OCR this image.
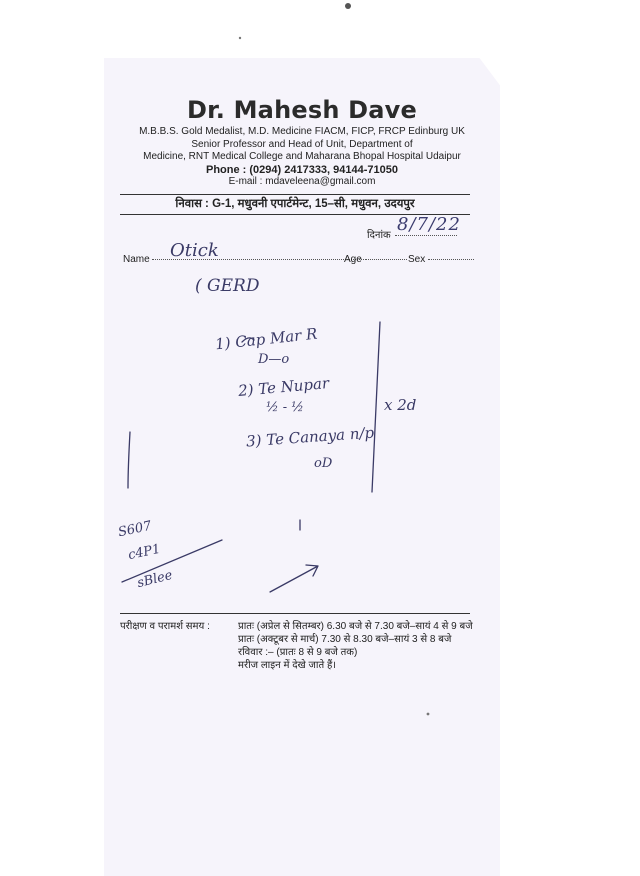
Dr. Mahesh Dave
M.B.B.S. Gold Medalist, M.D. Medicine FIACM, FICP, FRCP Edinburg UK
Senior Professor and Head of Unit, Department of
Medicine, RNT Medical College and Maharana Bhopal Hospital Udaipur
Phone : (0294) 2417333, 94144-71050
E-mail : mdaveleena@gmail.com
निवास : G-1, मधुवनी एपार्टमेन्ट, 15–सी, मधुवन, उदयपुर
दिनांक
8/7/22
Name	Otick	Age	Sex
( GERD
1) Cap Mar R
D—o
2) Te Nupar
½ - ½
3) Te Canaya n/p
oD
x 2d
S607
c4P1
sBlee
परीक्षण व परामर्श समय :	प्रातः (अप्रेल से सितम्बर) 6.30 बजे से 7.30 बजे–सायं 4 से 9 बजे
प्रातः (अक्टूबर से मार्च) 7.30 से 8.30 बजे–सायं 3 से 8 बजे
रविवार :– (प्रातः 8 से 9 बजे तक)
मरीज लाइन में देखे जाते हैं।
